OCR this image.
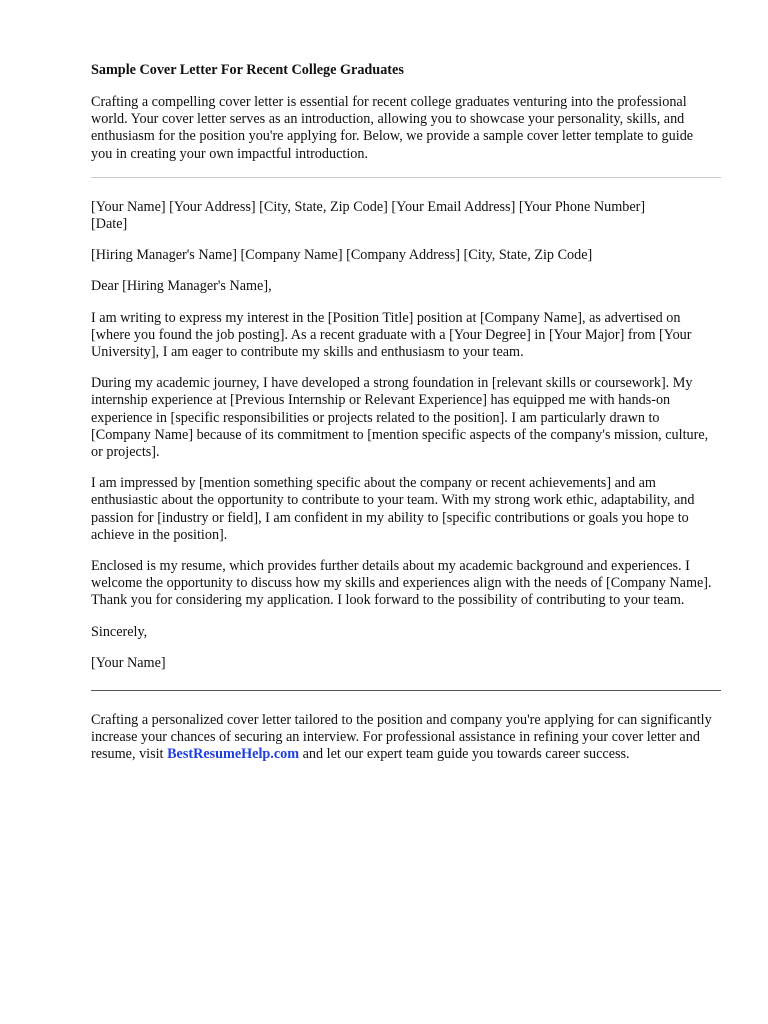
Sample Cover Letter For Recent College Graduates

Crafting a compelling cover letter is essential for recent college graduates venturing into the professional world. Your cover letter serves as an introduction, allowing you to showcase your personality, skills, and enthusiasm for the position you're applying for. Below, we provide a sample cover letter template to guide you in creating your own impactful introduction.

[Your Name] [Your Address] [City, State, Zip Code] [Your Email Address] [Your Phone Number]

[Date]

[Hiring Manager's Name] [Company Name] [Company Address] [City, State, Zip Code]

Dear [Hiring Manager's Name],

I am writing to express my interest in the [Position Title] position at [Company Name], as advertised on [where you found the job posting]. As a recent graduate with a [Your Degree] in [Your Major] from [Your University], I am eager to contribute my skills and enthusiasm to your team.

During my academic journey, I have developed a strong foundation in [relevant skills or coursework]. My internship experience at [Previous Internship or Relevant Experience] has equipped me with hands-on experience in [specific responsibilities or projects related to the position]. I am particularly drawn to [Company Name] because of its commitment to [mention specific aspects of the company's mission, culture, or projects].

I am impressed by [mention something specific about the company or recent achievements] and am enthusiastic about the opportunity to contribute to your team. With my strong work ethic, adaptability, and passion for [industry or field], I am confident in my ability to [specific contributions or goals you hope to achieve in the position].

Enclosed is my resume, which provides further details about my academic background and experiences. I welcome the opportunity to discuss how my skills and experiences align with the needs of [Company Name]. Thank you for considering my application. I look forward to the possibility of contributing to your team.

Sincerely,

[Your Name]

Crafting a personalized cover letter tailored to the position and company you're applying for can significantly increase your chances of securing an interview. For professional assistance in refining your cover letter and resume, visit BestResumeHelp.com and let our expert team guide you towards career success.
